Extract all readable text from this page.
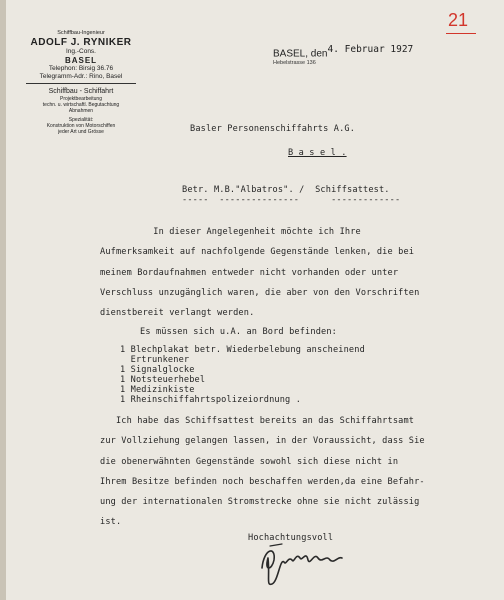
21
Schiffbau-Ingenieur
ADOLF J. RYNIKER
Ing.-Cons.
BASEL
Telephon: Birsig 36.76
Telegramm-Adr.: Rino, Basel
Schiffbau - Schiffahrt
Projektbearbeitung
techn. u. wirtschaftl. Begutachtung
Abnahmen
Spezialität:
Konstruktion von Motorschiffen
jeder Art und Grösse
BASEL, den$^{4. Februar 1927}$
Hebelstrasse 136
Basler Personenschiffahrts A.G.
B a s e l .
Betr. M.B."Albatros". /  Schiffsattest.
-----  ---------------      -------------
In dieser Angelegenheit möchte ich Ihre
Aufmerksamkeit auf nachfolgende Gegenstände lenken, die bei
meinem Bordaufnahmen entweder nicht vorhanden oder unter
Verschluss unzugänglich waren, die aber von den Vorschriften
dienstbereit verlangt werden.
Es müssen sich u.A. an Bord befinden:
1 Blechplakat betr. Wiederbelebung anscheinend
Ertrunkener
1 Signalglocke
1 Notsteuerhebel
1 Medizinkiste
1 Rheinschiffahrtspolizeiordnung .
Ich habe das Schiffsattest bereits an das Schiffahrtsamt
zur Vollziehung gelangen lassen, in der Voraussicht, dass Sie
die obenerwähnten Gegenstände sowohl sich diese nicht in
Ihrem Besitze befinden noch beschaffen werden,da eine Befahr-
ung der internationalen Stromstrecke ohne sie nicht zulässig
ist.
Hochachtungsvoll
